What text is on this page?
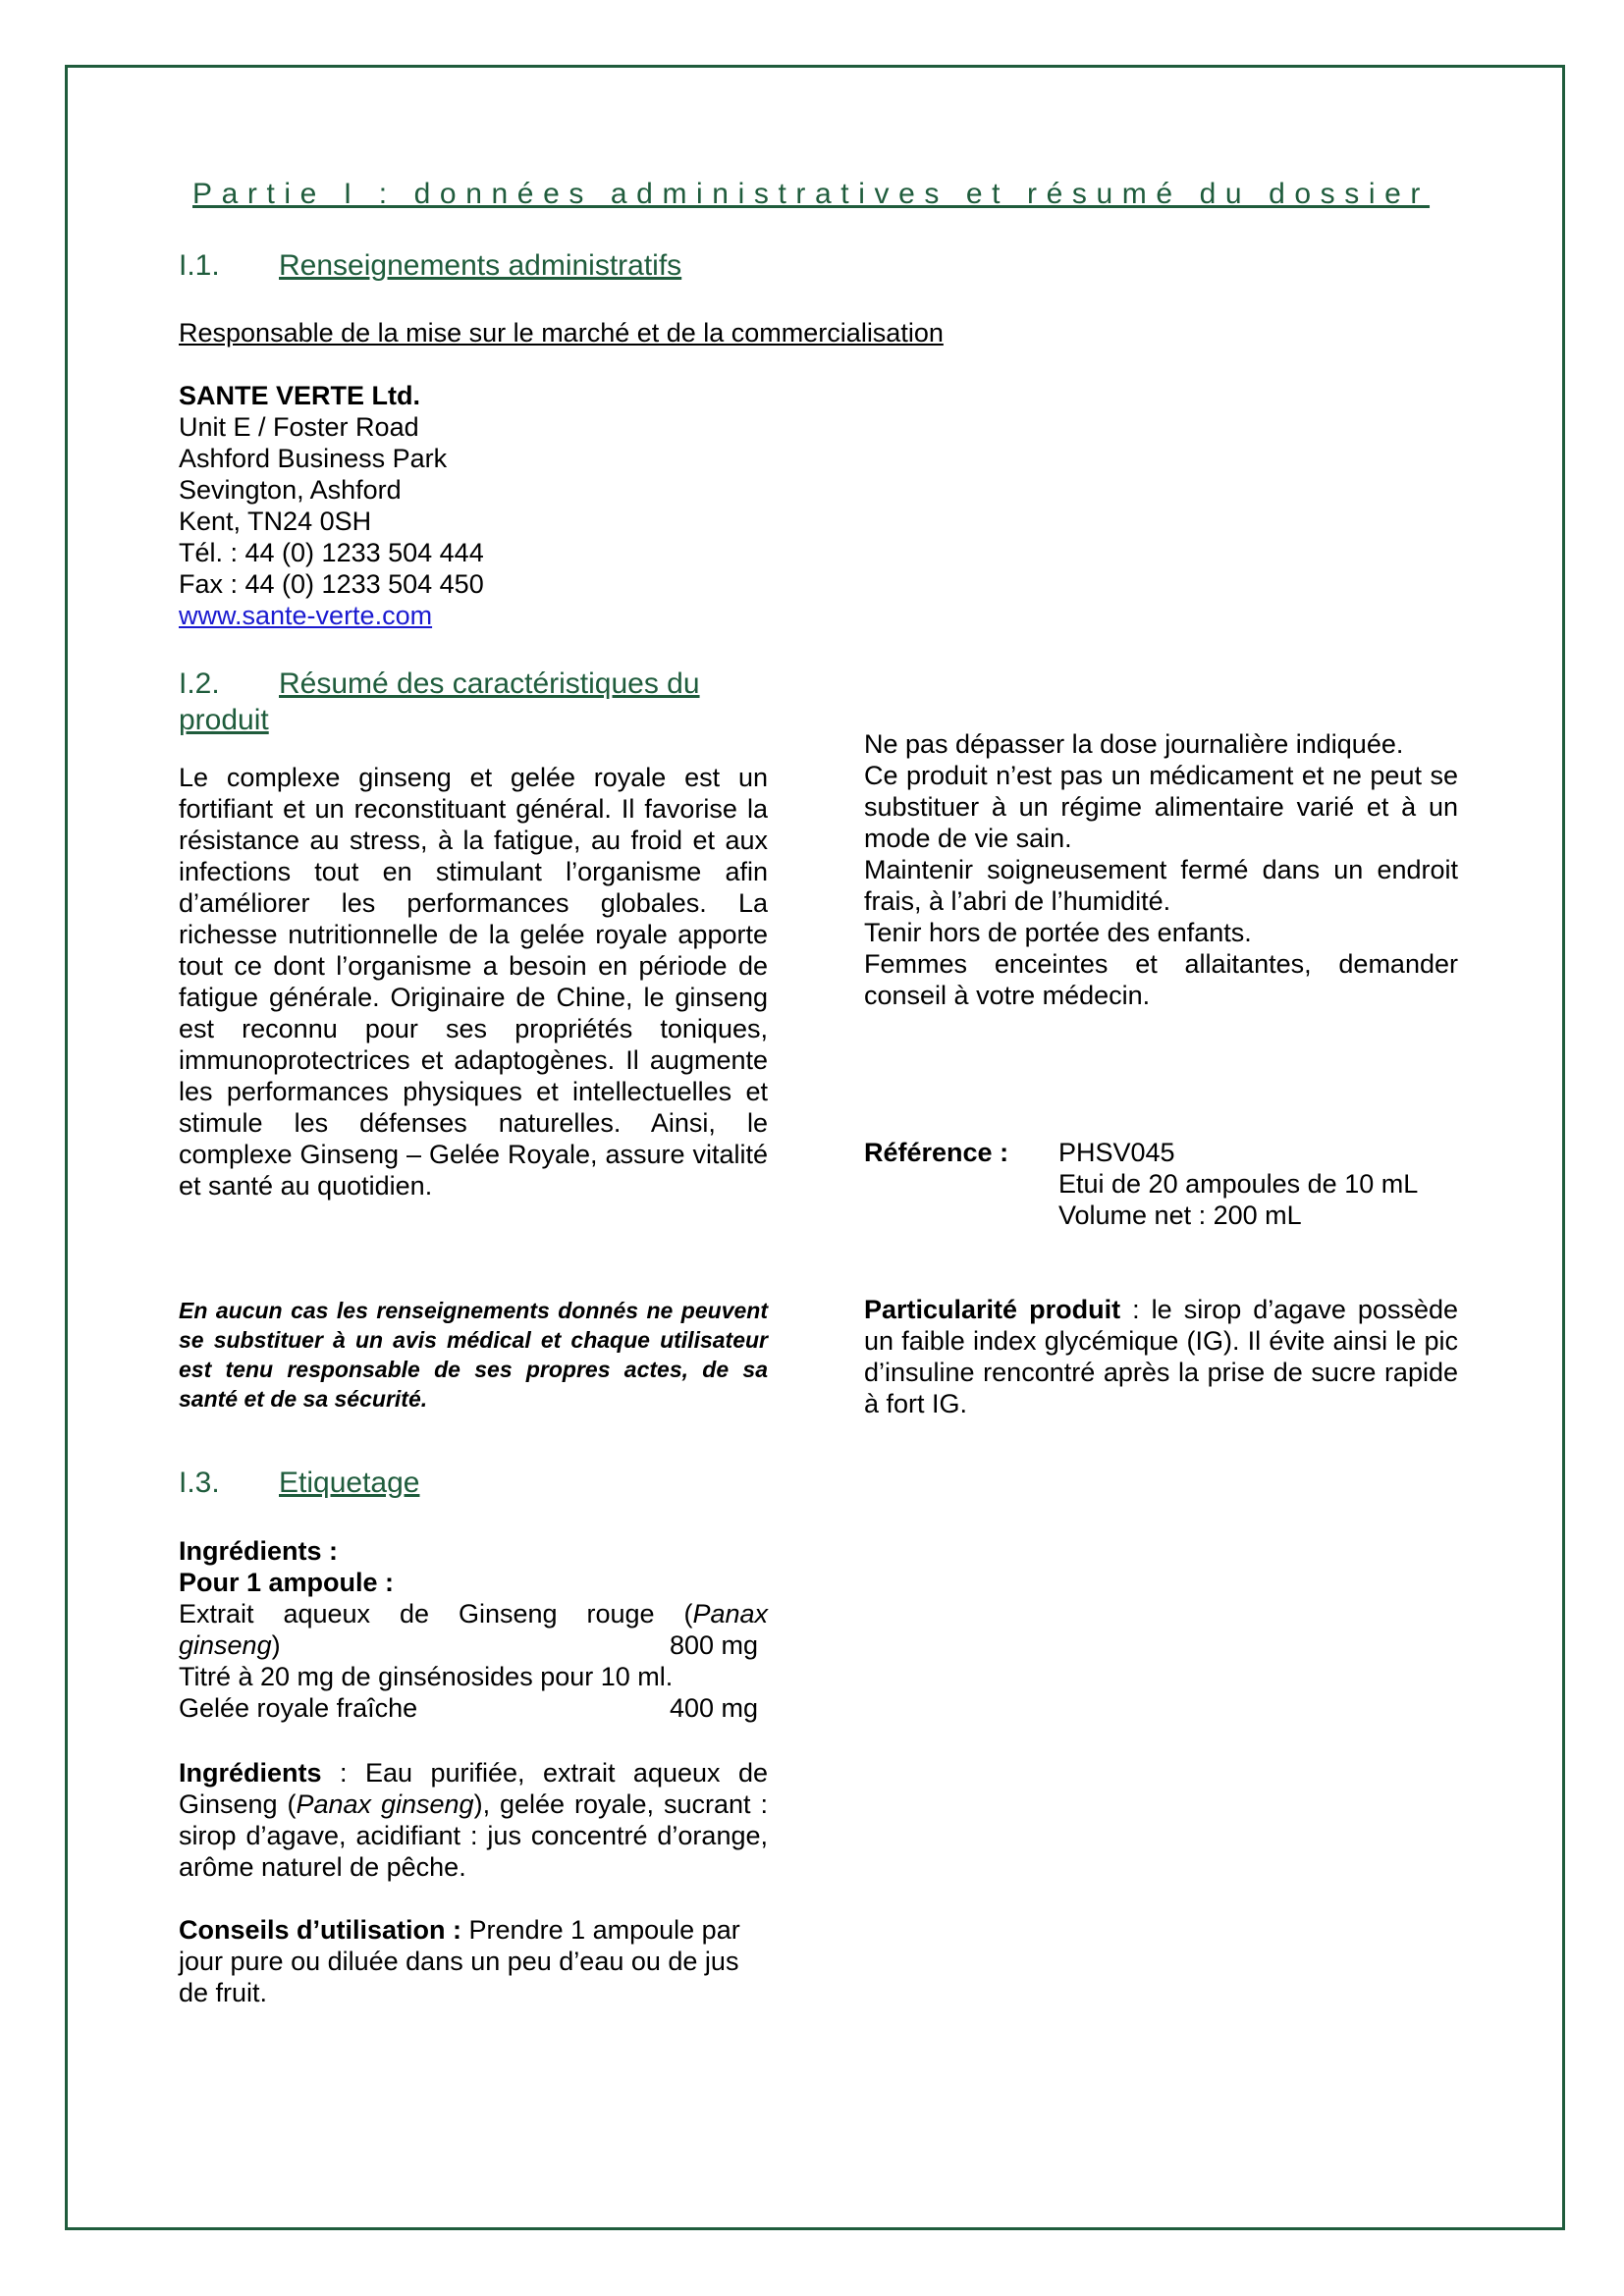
Partie I : données administratives et résumé du dossier
I.1. Renseignements administratifs
Responsable de la mise sur le marché et de la commercialisation
SANTE VERTE Ltd.
Unit E / Foster Road
Ashford Business Park
Sevington, Ashford
Kent, TN24 0SH
Tél. : 44 (0) 1233 504 444
Fax : 44 (0) 1233 504 450
www.sante-verte.com
I.2. Résumé des caractéristiques du
produit
Le complexe ginseng et gelée royale est un fortifiant et un reconstituant général. Il favorise la résistance au stress, à la fatigue, au froid et aux infections tout en stimulant l’organisme afin d’améliorer les performances globales. La richesse nutritionnelle de la gelée royale apporte tout ce dont l’organisme a besoin en période de fatigue générale. Originaire de Chine, le ginseng est reconnu pour ses propriétés toniques, immunoprotectrices et adaptogènes. Il augmente les performances physiques et intellectuelles et stimule les défenses naturelles. Ainsi, le complexe Ginseng – Gelée Royale, assure vitalité et santé au quotidien.
En aucun cas les renseignements donnés ne peuvent se substituer à un avis médical et chaque utilisateur est tenu responsable de ses propres actes, de sa santé et de sa sécurité.
Ne pas dépasser la dose journalière indiquée.
Ce produit n’est pas un médicament et ne peut se substituer à un régime alimentaire varié et à un mode de vie sain.
Maintenir soigneusement fermé dans un endroit frais, à l’abri de l’humidité.
Tenir hors de portée des enfants.
Femmes enceintes et allaitantes, demander conseil à votre médecin.
Référence :	PHSV045
Etui de 20 ampoules de 10 mL
Volume net : 200 mL
Particularité produit : le sirop d’agave possède un faible index glycémique (IG). Il évite ainsi le pic d’insuline rencontré après la prise de sucre rapide à fort IG.
I.3. Etiquetage
Ingrédients :
Pour 1 ampoule :
Extrait aqueux de Ginseng rouge (Panax
ginseng)	800 mg
Titré à 20 mg de ginsénosides pour 10 ml.
Gelée royale fraîche	400 mg
Ingrédients : Eau purifiée, extrait aqueux de Ginseng (Panax ginseng), gelée royale, sucrant : sirop d’agave, acidifiant : jus concentré d’orange, arôme naturel de pêche.
Conseils d’utilisation : Prendre 1 ampoule par jour pure ou diluée dans un peu d’eau ou de jus de fruit.
